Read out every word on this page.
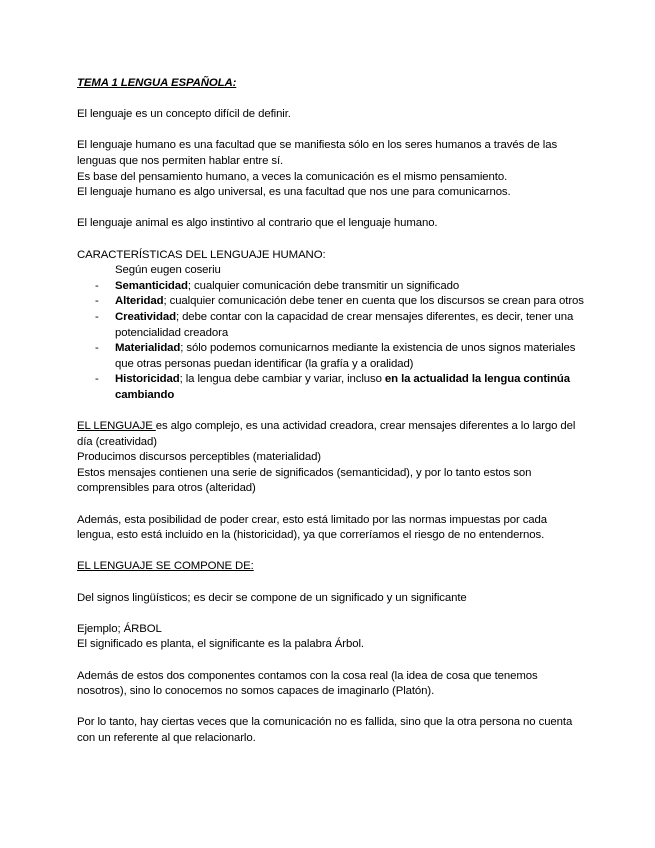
TEMA 1 LENGUA ESPAÑOLA:

El lenguaje es un concepto difícil de definir.

El lenguaje humano es una facultad que se manifiesta sólo en los seres humanos a través de las lenguas que nos permiten hablar entre sí.

Es base del pensamiento humano, a veces la comunicación es el mismo pensamiento.

El lenguaje humano es algo universal, es una facultad que nos une para comunicarnos.

El lenguaje animal es algo instintivo al contrario que el lenguaje humano.

CARACTERÍSTICAS DEL LENGUAJE HUMANO:

Según eugen coseriu

- Semanticidad; cualquier comunicación debe transmitir un significado
- Alteridad; cualquier comunicación debe tener en cuenta que los discursos se crean para otros
- Creatividad; debe contar con la capacidad de crear mensajes diferentes, es decir, tener una potencialidad creadora
- Materialidad; sólo podemos comunicarnos mediante la existencia de unos signos materiales que otras personas puedan identificar (la grafía y a oralidad)
- Historicidad; la lengua debe cambiar y variar, incluso en la actualidad la lengua continúa cambiando

EL LENGUAJE es algo complejo, es una actividad creadora, crear mensajes diferentes a lo largo del día (creatividad)

Producimos discursos perceptibles (materialidad)

Estos mensajes contienen una serie de significados (semanticidad), y por lo tanto estos son comprensibles para otros (alteridad)

Además, esta posibilidad de poder crear, esto está limitado por las normas impuestas por cada lengua, esto está incluido en la (historicidad), ya que correríamos el riesgo de no entendernos.

EL LENGUAJE SE COMPONE DE:

Del signos lingüísticos; es decir se compone de un significado y un significante

Ejemplo; ÁRBOL

El significado es planta, el significante es la palabra Árbol.

Además de estos dos componentes contamos con la cosa real (la idea de cosa que tenemos nosotros), sino lo conocemos no somos capaces de imaginarlo (Platón).

Por lo tanto, hay ciertas veces que la comunicación no es fallida, sino que la otra persona no cuenta con un referente al que relacionarlo.
